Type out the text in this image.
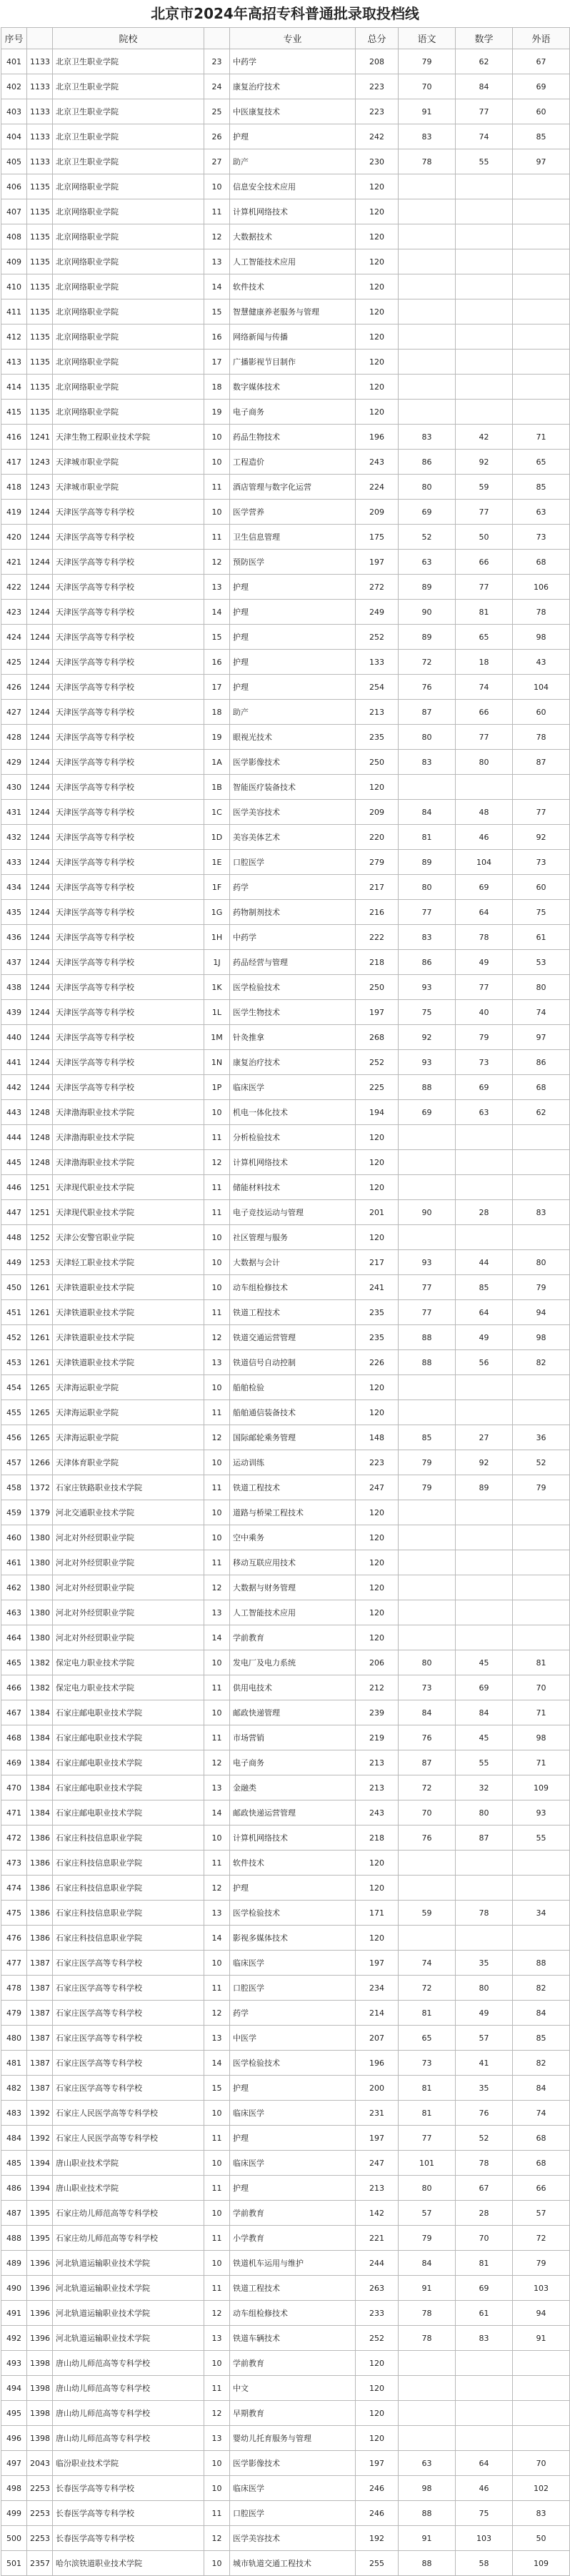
北京市2024年高招专科普通批录取投档线
序号		院校		专业	总分	语文	数学	外语
401	1133	北京卫生职业学院	23	中药学	208	79	62	67
402	1133	北京卫生职业学院	24	康复治疗技术	223	70	84	69
403	1133	北京卫生职业学院	25	中医康复技术	223	91	77	60
404	1133	北京卫生职业学院	26	护理	242	83	74	85
405	1133	北京卫生职业学院	27	助产	230	78	55	97
406	1135	北京网络职业学院	10	信息安全技术应用	120			
407	1135	北京网络职业学院	11	计算机网络技术	120			
408	1135	北京网络职业学院	12	大数据技术	120			
409	1135	北京网络职业学院	13	人工智能技术应用	120			
410	1135	北京网络职业学院	14	软件技术	120			
411	1135	北京网络职业学院	15	智慧健康养老服务与管理	120			
412	1135	北京网络职业学院	16	网络新闻与传播	120			
413	1135	北京网络职业学院	17	广播影视节目制作	120			
414	1135	北京网络职业学院	18	数字媒体技术	120			
415	1135	北京网络职业学院	19	电子商务	120			
416	1241	天津生物工程职业技术学院	10	药品生物技术	196	83	42	71
417	1243	天津城市职业学院	10	工程造价	243	86	92	65
418	1243	天津城市职业学院	11	酒店管理与数字化运营	224	80	59	85
419	1244	天津医学高等专科学校	10	医学营养	209	69	77	63
420	1244	天津医学高等专科学校	11	卫生信息管理	175	52	50	73
421	1244	天津医学高等专科学校	12	预防医学	197	63	66	68
422	1244	天津医学高等专科学校	13	护理	272	89	77	106
423	1244	天津医学高等专科学校	14	护理	249	90	81	78
424	1244	天津医学高等专科学校	15	护理	252	89	65	98
425	1244	天津医学高等专科学校	16	护理	133	72	18	43
426	1244	天津医学高等专科学校	17	护理	254	76	74	104
427	1244	天津医学高等专科学校	18	助产	213	87	66	60
428	1244	天津医学高等专科学校	19	眼视光技术	235	80	77	78
429	1244	天津医学高等专科学校	1A	医学影像技术	250	83	80	87
430	1244	天津医学高等专科学校	1B	智能医疗装备技术	120			
431	1244	天津医学高等专科学校	1C	医学美容技术	209	84	48	77
432	1244	天津医学高等专科学校	1D	美容美体艺术	220	81	46	92
433	1244	天津医学高等专科学校	1E	口腔医学	279	89	104	73
434	1244	天津医学高等专科学校	1F	药学	217	80	69	60
435	1244	天津医学高等专科学校	1G	药物制剂技术	216	77	64	75
436	1244	天津医学高等专科学校	1H	中药学	222	83	78	61
437	1244	天津医学高等专科学校	1J	药品经营与管理	218	86	49	53
438	1244	天津医学高等专科学校	1K	医学检验技术	250	93	77	80
439	1244	天津医学高等专科学校	1L	医学生物技术	197	75	40	74
440	1244	天津医学高等专科学校	1M	针灸推拿	268	92	79	97
441	1244	天津医学高等专科学校	1N	康复治疗技术	252	93	73	86
442	1244	天津医学高等专科学校	1P	临床医学	225	88	69	68
443	1248	天津渤海职业技术学院	10	机电一体化技术	194	69	63	62
444	1248	天津渤海职业技术学院	11	分析检验技术	120			
445	1248	天津渤海职业技术学院	12	计算机网络技术	120			
446	1251	天津现代职业技术学院	11	储能材料技术	120			
447	1251	天津现代职业技术学院	11	电子竞技运动与管理	201	90	28	83
448	1252	天津公安警官职业学院	10	社区管理与服务	120			
449	1253	天津轻工职业技术学院	10	大数据与会计	217	93	44	80
450	1261	天津铁道职业技术学院	10	动车组检修技术	241	77	85	79
451	1261	天津铁道职业技术学院	11	铁道工程技术	235	77	64	94
452	1261	天津铁道职业技术学院	12	铁道交通运营管理	235	88	49	98
453	1261	天津铁道职业技术学院	13	铁道信号自动控制	226	88	56	82
454	1265	天津海运职业学院	10	船舶检验	120			
455	1265	天津海运职业学院	11	船舶通信装备技术	120			
456	1265	天津海运职业学院	12	国际邮轮乘务管理	148	85	27	36
457	1266	天津体育职业学院	10	运动训练	223	79	92	52
458	1372	石家庄铁路职业技术学院	11	铁道工程技术	247	79	89	79
459	1379	河北交通职业技术学院	10	道路与桥梁工程技术	120			
460	1380	河北对外经贸职业学院	10	空中乘务	120			
461	1380	河北对外经贸职业学院	11	移动互联应用技术	120			
462	1380	河北对外经贸职业学院	12	大数据与财务管理	120			
463	1380	河北对外经贸职业学院	13	人工智能技术应用	120			
464	1380	河北对外经贸职业学院	14	学前教育	120			
465	1382	保定电力职业技术学院	10	发电厂及电力系统	206	80	45	81
466	1382	保定电力职业技术学院	11	供用电技术	212	73	69	70
467	1384	石家庄邮电职业技术学院	10	邮政快递管理	239	84	84	71
468	1384	石家庄邮电职业技术学院	11	市场营销	219	76	45	98
469	1384	石家庄邮电职业技术学院	12	电子商务	213	87	55	71
470	1384	石家庄邮电职业技术学院	13	金融类	213	72	32	109
471	1384	石家庄邮电职业技术学院	14	邮政快递运营管理	243	70	80	93
472	1386	石家庄科技信息职业学院	10	计算机网络技术	218	76	87	55
473	1386	石家庄科技信息职业学院	11	软件技术	120			
474	1386	石家庄科技信息职业学院	12	护理	120			
475	1386	石家庄科技信息职业学院	13	医学检验技术	171	59	78	34
476	1386	石家庄科技信息职业学院	14	影视多媒体技术	120			
477	1387	石家庄医学高等专科学校	10	临床医学	197	74	35	88
478	1387	石家庄医学高等专科学校	11	口腔医学	234	72	80	82
479	1387	石家庄医学高等专科学校	12	药学	214	81	49	84
480	1387	石家庄医学高等专科学校	13	中医学	207	65	57	85
481	1387	石家庄医学高等专科学校	14	医学检验技术	196	73	41	82
482	1387	石家庄医学高等专科学校	15	护理	200	81	35	84
483	1392	石家庄人民医学高等专科学校	10	临床医学	231	81	76	74
484	1392	石家庄人民医学高等专科学校	11	护理	197	77	52	68
485	1394	唐山职业技术学院	10	临床医学	247	101	78	68
486	1394	唐山职业技术学院	11	护理	213	80	67	66
487	1395	石家庄幼儿师范高等专科学校	10	学前教育	142	57	28	57
488	1395	石家庄幼儿师范高等专科学校	11	小学教育	221	79	70	72
489	1396	河北轨道运输职业技术学院	10	铁道机车运用与维护	244	84	81	79
490	1396	河北轨道运输职业技术学院	11	铁道工程技术	263	91	69	103
491	1396	河北轨道运输职业技术学院	12	动车组检修技术	233	78	61	94
492	1396	河北轨道运输职业技术学院	13	铁道车辆技术	252	78	83	91
493	1398	唐山幼儿师范高等专科学校	10	学前教育	120			
494	1398	唐山幼儿师范高等专科学校	11	中文	120			
495	1398	唐山幼儿师范高等专科学校	12	早期教育	120			
496	1398	唐山幼儿师范高等专科学校	13	婴幼儿托育服务与管理	120			
497	2043	临汾职业技术学院	10	医学影像技术	197	63	64	70
498	2253	长春医学高等专科学校	10	临床医学	246	98	46	102
499	2253	长春医学高等专科学校	11	口腔医学	246	88	75	83
500	2253	长春医学高等专科学校	12	医学美容技术	192	91	103	50
501	2357	哈尔滨铁道职业技术学院	10	城市轨道交通工程技术	255	88	58	109
